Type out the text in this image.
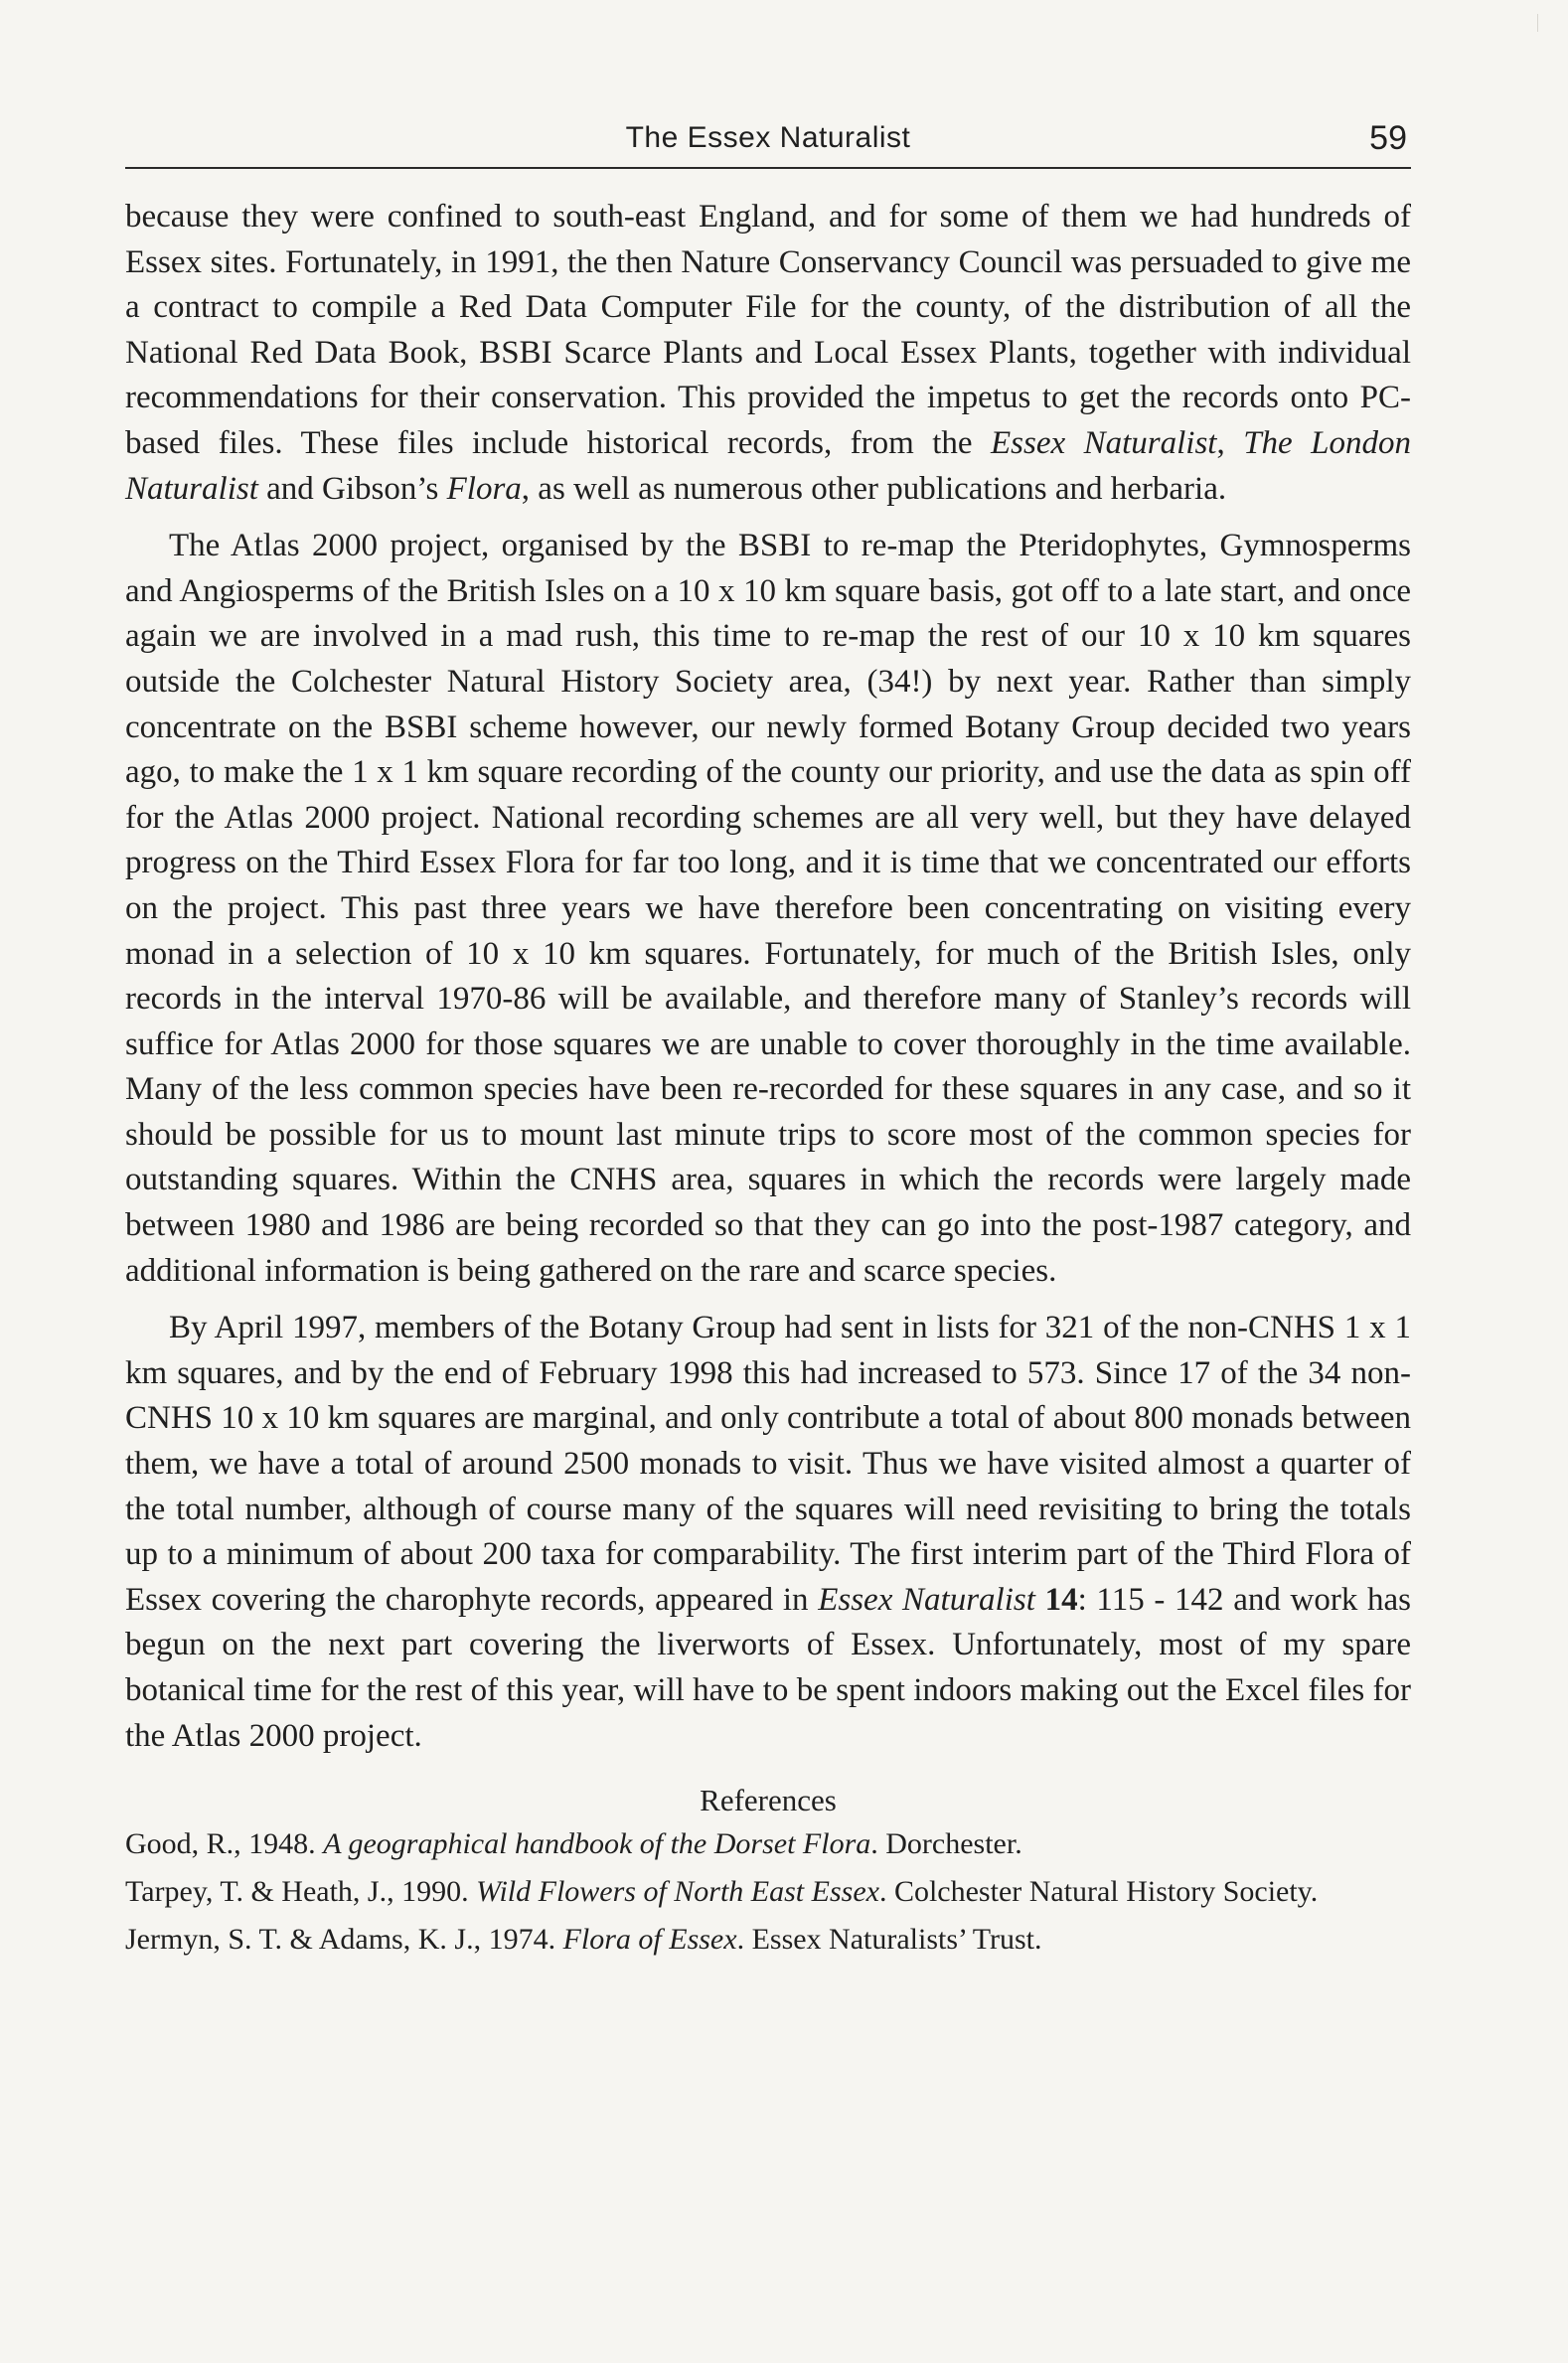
The Essex Naturalist	59

because they were confined to south-east England, and for some of them we had hundreds of Essex sites. Fortunately, in 1991, the then Nature Conservancy Council was persuaded to give me a contract to compile a Red Data Computer File for the county, of the distribution of all the National Red Data Book, BSBI Scarce Plants and Local Essex Plants, together with individual recommendations for their conservation. This provided the impetus to get the records onto PC-based files. These files include historical records, from the Essex Naturalist, The London Naturalist and Gibson’s Flora, as well as numerous other publications and herbaria.

The Atlas 2000 project, organised by the BSBI to re-map the Pteridophytes, Gymnosperms and Angiosperms of the British Isles on a 10 x 10 km square basis, got off to a late start, and once again we are involved in a mad rush, this time to re-map the rest of our 10 x 10 km squares outside the Colchester Natural History Society area, (34!) by next year. Rather than simply concentrate on the BSBI scheme however, our newly formed Botany Group decided two years ago, to make the 1 x 1 km square recording of the county our priority, and use the data as spin off for the Atlas 2000 project. National recording schemes are all very well, but they have delayed progress on the Third Essex Flora for far too long, and it is time that we concentrated our efforts on the project. This past three years we have therefore been concentrating on visiting every monad in a selection of 10 x 10 km squares. Fortunately, for much of the British Isles, only records in the interval 1970-86 will be available, and therefore many of Stanley’s records will suffice for Atlas 2000 for those squares we are unable to cover thoroughly in the time available. Many of the less common species have been re-recorded for these squares in any case, and so it should be possible for us to mount last minute trips to score most of the common species for outstanding squares. Within the CNHS area, squares in which the records were largely made between 1980 and 1986 are being recorded so that they can go into the post-1987 category, and additional information is being gathered on the rare and scarce species.

By April 1997, members of the Botany Group had sent in lists for 321 of the non-CNHS 1 x 1 km squares, and by the end of February 1998 this had increased to 573. Since 17 of the 34 non-CNHS 10 x 10 km squares are marginal, and only contribute a total of about 800 monads between them, we have a total of around 2500 monads to visit. Thus we have visited almost a quarter of the total number, although of course many of the squares will need revisiting to bring the totals up to a minimum of about 200 taxa for comparability. The first interim part of the Third Flora of Essex covering the charophyte records, appeared in Essex Naturalist 14: 115 - 142 and work has begun on the next part covering the liverworts of Essex. Unfortunately, most of my spare botanical time for the rest of this year, will have to be spent indoors making out the Excel files for the Atlas 2000 project.

References

Good, R., 1948. A geographical handbook of the Dorset Flora. Dorchester.

Tarpey, T. & Heath, J., 1990. Wild Flowers of North East Essex. Colchester Natural History Society.

Jermyn, S. T. & Adams, K. J., 1974. Flora of Essex. Essex Naturalists’ Trust.
